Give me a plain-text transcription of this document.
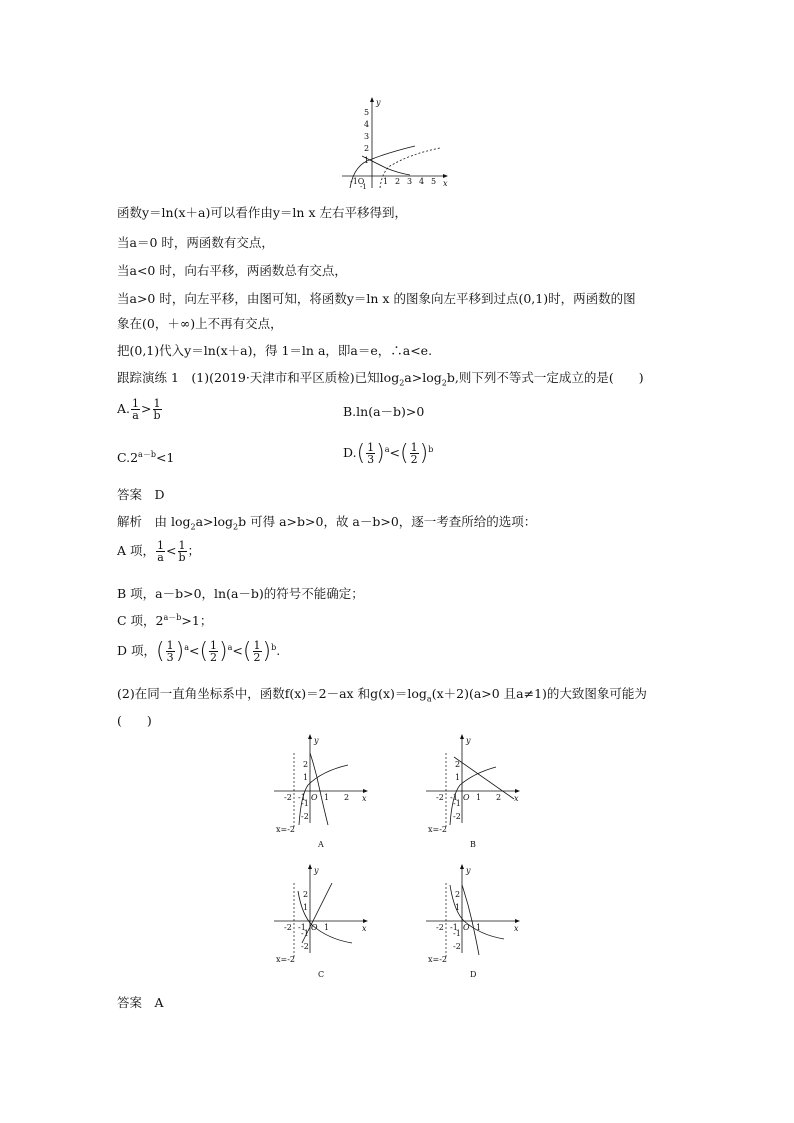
y
x
5
4
3
2
1
-1O
-1
1 2 3 4 5
函数y＝ln(x＋a)可以看作由y＝ln x 左右平移得到，
当a＝0 时，两函数有交点，
当a<0 时，向右平移，两函数总有交点，
当a>0 时，向左平移，由图可知，将函数y＝ln x 的图象向左平移到过点(0,1)时，两函数的图
象在(0，＋∞)上不再有交点，
把(0,1)代入y＝ln(x＋a)，得 1＝ln a，即a＝e，∴a<e.
跟踪演练 1　(1)(2019·天津市和平区质检)已知$\log_2a>\log_2b$,则下列不等式一定成立的是(　　)
A. $\frac{1}{a} > \frac{1}{b}$	B.ln(a－b)>0
$C.2^{a-b}<1$	$D.( \frac{1}{3} )^a<( \frac{1}{2} )^b$
答案　D
解析　由 $\log_2a>\log_2b$ 可得 a>b>0，故 a－b>0，逐一考查所给的选项：
A 项， $\frac{1}{a} < \frac{1}{b}$ ；
B 项，a－b>0，ln(a－b)的符号不能确定；
C 项，$2^{a-b}>1$；
D 项，( $\frac{1}{3} )^a<( \frac{1}{2} )^a<( \frac{1}{2} )^b$.
(2)在同一直角坐标系中，函数f(x)＝2－ax 和$g(x)=\log_a(x+2)(a>0$ 且a≠1)的大致图象可能为
(　　)
y
x
2
1
-2 -1 O 1 2
-1
-2
x=-2
A
y
x
2
1
-2 -1 O 1 2
-1
-2
x=-2
B
y
x
2
1
-2 -1 O 1
-1
-2
x=-2
C
y
x
2
1
-2 -1 O 1
-1
-2
x=-2
D
答案　A
